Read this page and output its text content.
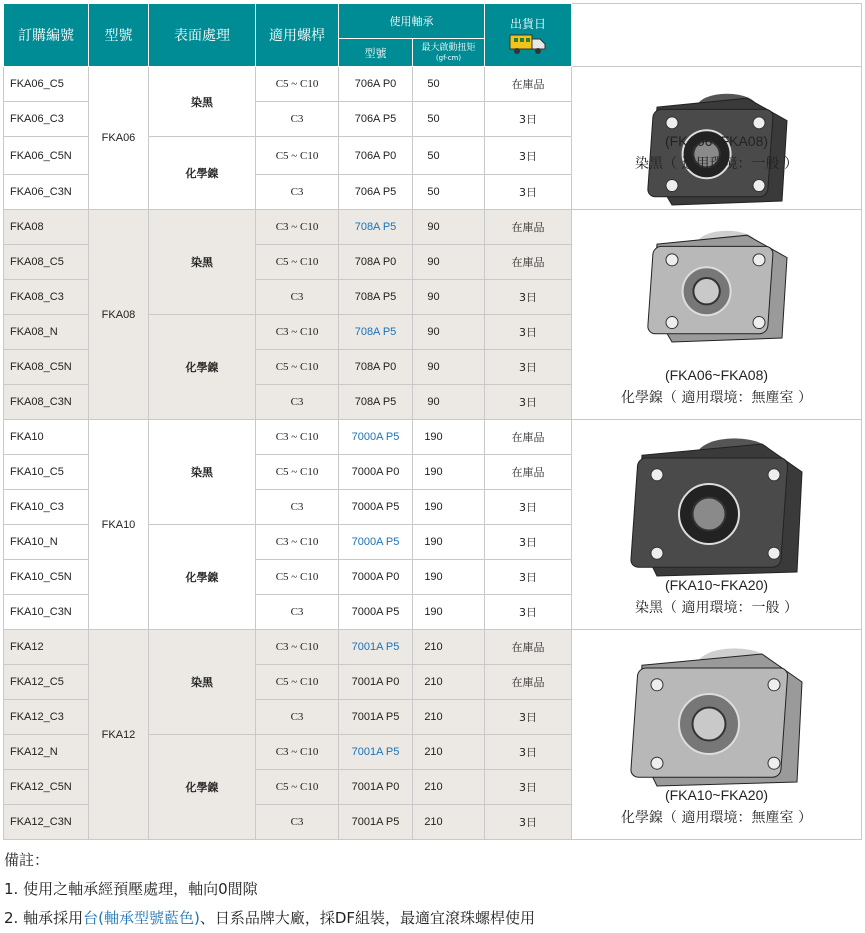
訂購編號	型號	表面處理	適用螺桿	使用軸承		出貨日	

				型號	最大啟動扭矩
(gf-cm)		

FKA06_C5	FKA06	染黑	C5 ~ C10	706A P0	50	在庫品	(FKA06~FKA08)
染黑（ 適用環境：一般 ）

FKA06_C3			C3	706A P5	50	3日	
FKA06_C5N		化學鎳	C5 ~ C10	706A P0	50	3日	
FKA06_C3N			C3	706A P5	50	3日	
FKA08	FKA08	染黑	C3 ~ C10	708A P5	90	在庫品	(FKA06~FKA08)
化學鎳（ 適用環境：無塵室 ）

FKA08_C5			C5 ~ C10	708A P0	90	在庫品	
FKA08_C3			C3	708A P5	90	3日	
FKA08_N		化學鎳	C3 ~ C10	708A P5	90	3日	
FKA08_C5N			C5 ~ C10	708A P0	90	3日	
FKA08_C3N			C3	708A P5	90	3日	
FKA10	FKA10	染黑	C3 ~ C10	7000A P5	190	在庫品	(FKA10~FKA20)
染黑（ 適用環境：一般 ）

FKA10_C5			C5 ~ C10	7000A P0	190	在庫品	
FKA10_C3			C3	7000A P5	190	3日	
FKA10_N		化學鎳	C3 ~ C10	7000A P5	190	3日	
FKA10_C5N			C5 ~ C10	7000A P0	190	3日	
FKA10_C3N			C3	7000A P5	190	3日	
FKA12	FKA12	染黑	C3 ~ C10	7001A P5	210	在庫品	(FKA10~FKA20)
化學鎳（ 適用環境：無塵室 ）

FKA12_C5			C5 ~ C10	7001A P0	210	在庫品	
FKA12_C3			C3	7001A P5	210	3日	
FKA12_N		化學鎳	C3 ~ C10	7001A P5	210	3日	
FKA12_C5N			C5 ~ C10	7001A P0	210	3日	
FKA12_C3N			C3	7001A P5	210	3日	
備註：
1. 使用之軸承經預壓處理，軸向0間隙
2. 軸承採用台(軸承型號藍色)、日系品牌大廠，採DF組裝，最適宜滾珠螺桿使用
